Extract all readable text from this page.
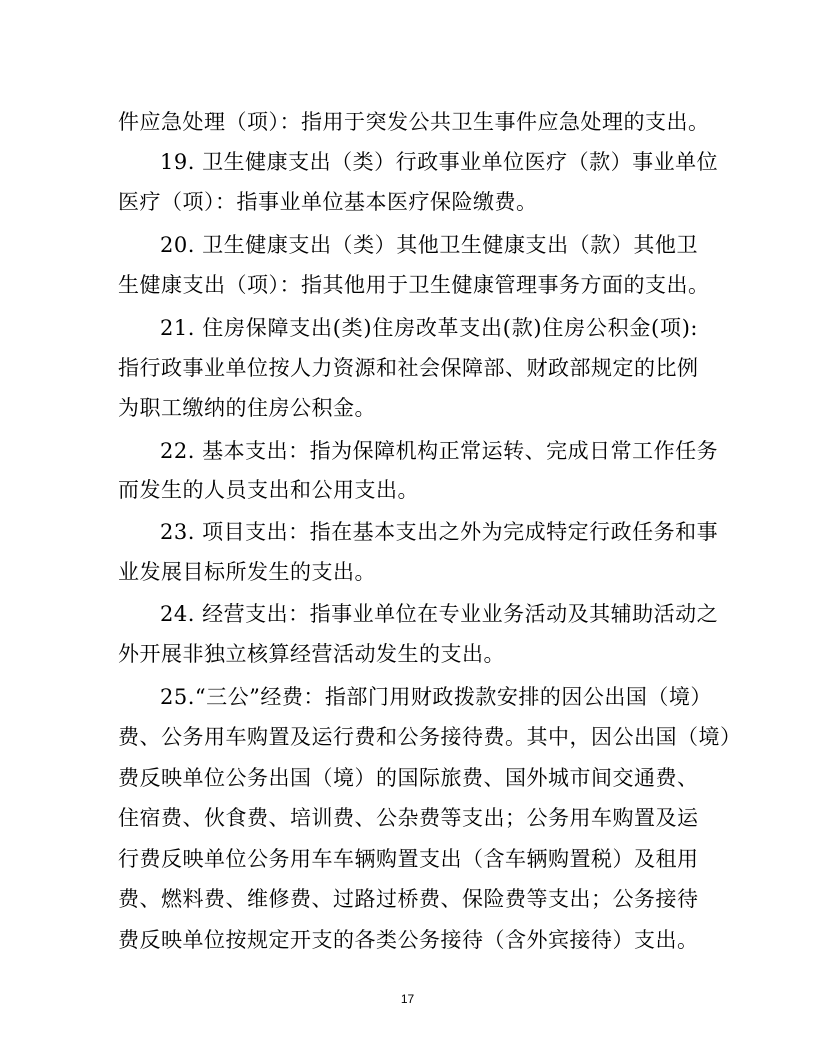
件应急处理（项）：指用于突发公共卫生事件应急处理的支出。
19. 卫生健康支出（类）行政事业单位医疗（款）事业单位
医疗（项）：指事业单位基本医疗保险缴费。
20. 卫生健康支出（类）其他卫生健康支出（款）其他卫
生健康支出（项）：指其他用于卫生健康管理事务方面的支出。
21. 住房保障支出(类)住房改革支出(款)住房公积金(项):
指行政事业单位按人力资源和社会保障部、财政部规定的比例
为职工缴纳的住房公积金。
22. 基本支出：指为保障机构正常运转、完成日常工作任务
而发生的人员支出和公用支出。
23. 项目支出：指在基本支出之外为完成特定行政任务和事
业发展目标所发生的支出。
24. 经营支出：指事业单位在专业业务活动及其辅助活动之
外开展非独立核算经营活动发生的支出。
25.“三公”经费：指部门用财政拨款安排的因公出国（境）
费、公务用车购置及运行费和公务接待费。其中，因公出国（境）
费反映单位公务出国（境）的国际旅费、国外城市间交通费、
住宿费、伙食费、培训费、公杂费等支出；公务用车购置及运
行费反映单位公务用车车辆购置支出（含车辆购置税）及租用
费、燃料费、维修费、过路过桥费、保险费等支出；公务接待
费反映单位按规定开支的各类公务接待（含外宾接待）支出。
17
